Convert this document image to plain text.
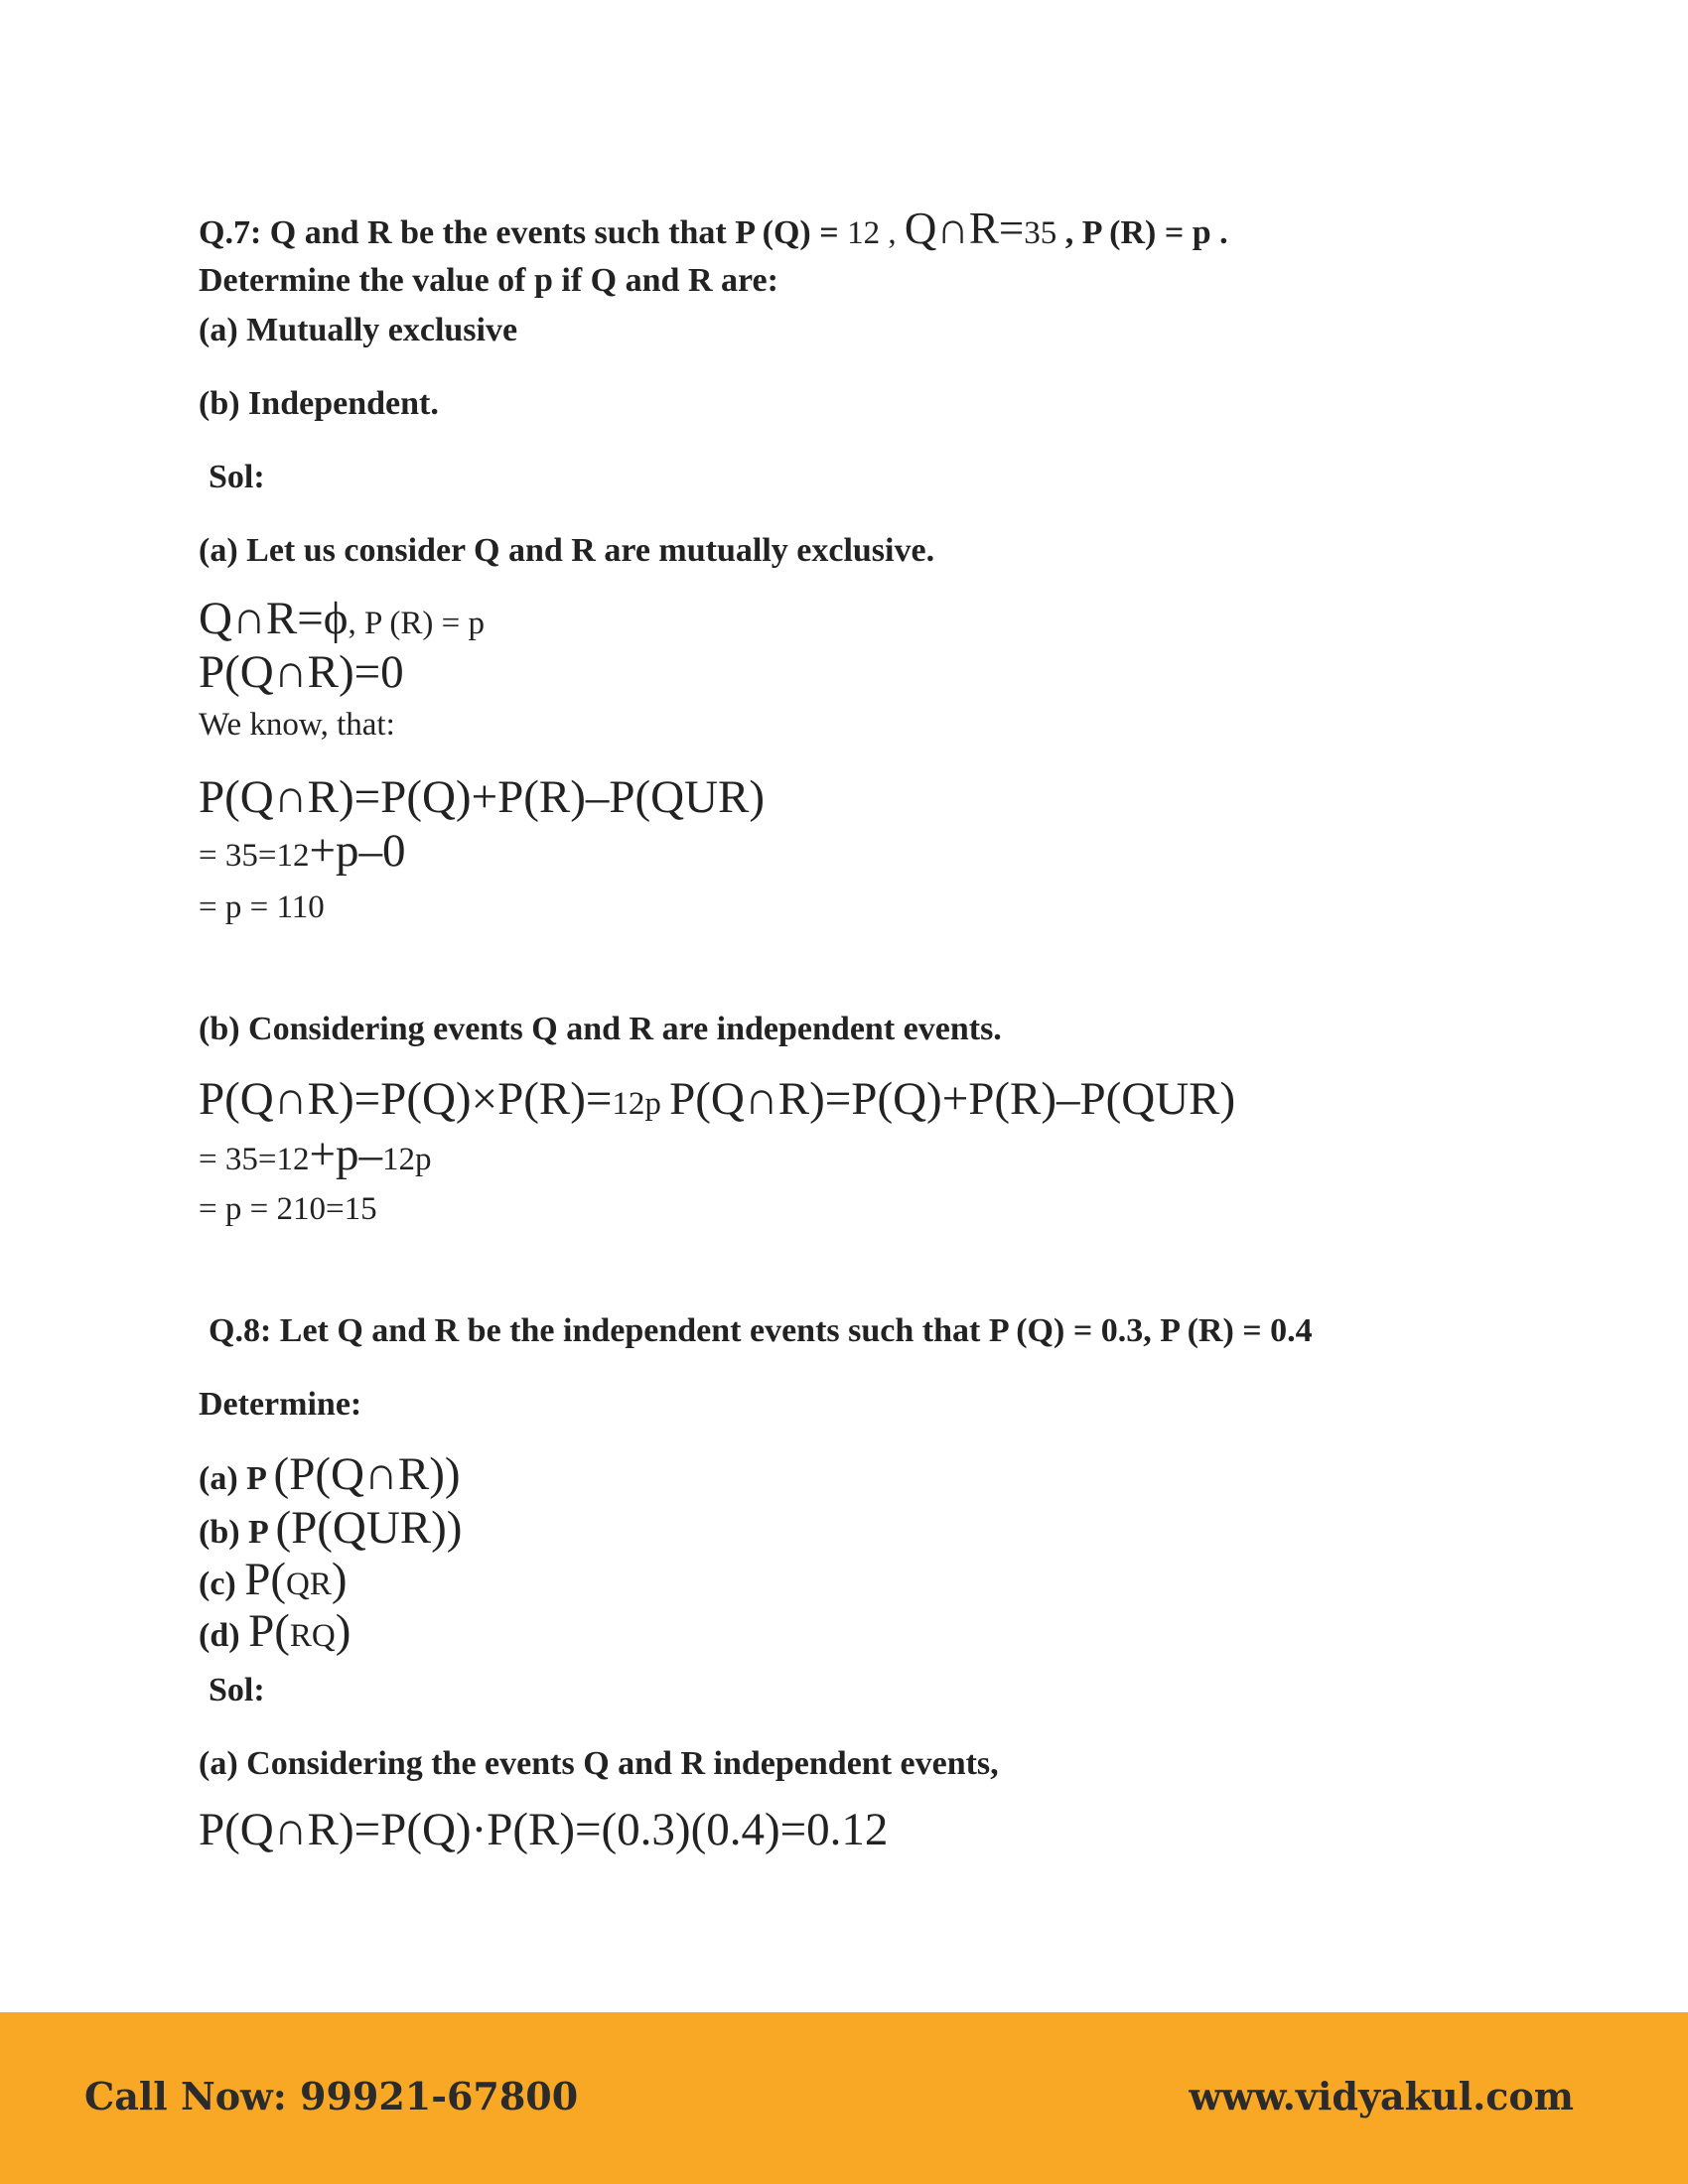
Q.7: Q and R be the events such that P (Q) = 12 , Q∩R=35 , P (R) = p .
Determine the value of p if Q and R are:
(a) Mutually exclusive
(b) Independent.
Sol:
(a) Let us consider Q and R are mutually exclusive.
Q∩R=ϕ, P (R) = p
P(Q∩R)=0
We know, that:
P(Q∩R)=P(Q)+P(R)–P(QUR)
= 35=12+p–0
= p = 110
(b) Considering events Q and R are independent events.
P(Q∩R)=P(Q)×P(R)=12p P(Q∩R)=P(Q)+P(R)–P(QUR)
= 35=12+p–12p
= p = 210=15
Q.8: Let Q and R be the independent events such that P (Q) = 0.3, P (R) = 0.4
Determine:
(a) P (P(Q∩R))
(b) P (P(QUR))
(c) P(QR)
(d) P(RQ)
Sol:
(a) Considering the events Q and R independent events,
P(Q∩R)=P(Q)·P(R)=(0.3)(0.4)=0.12
Call Now: 99921-67800	www.vidyakul.com
